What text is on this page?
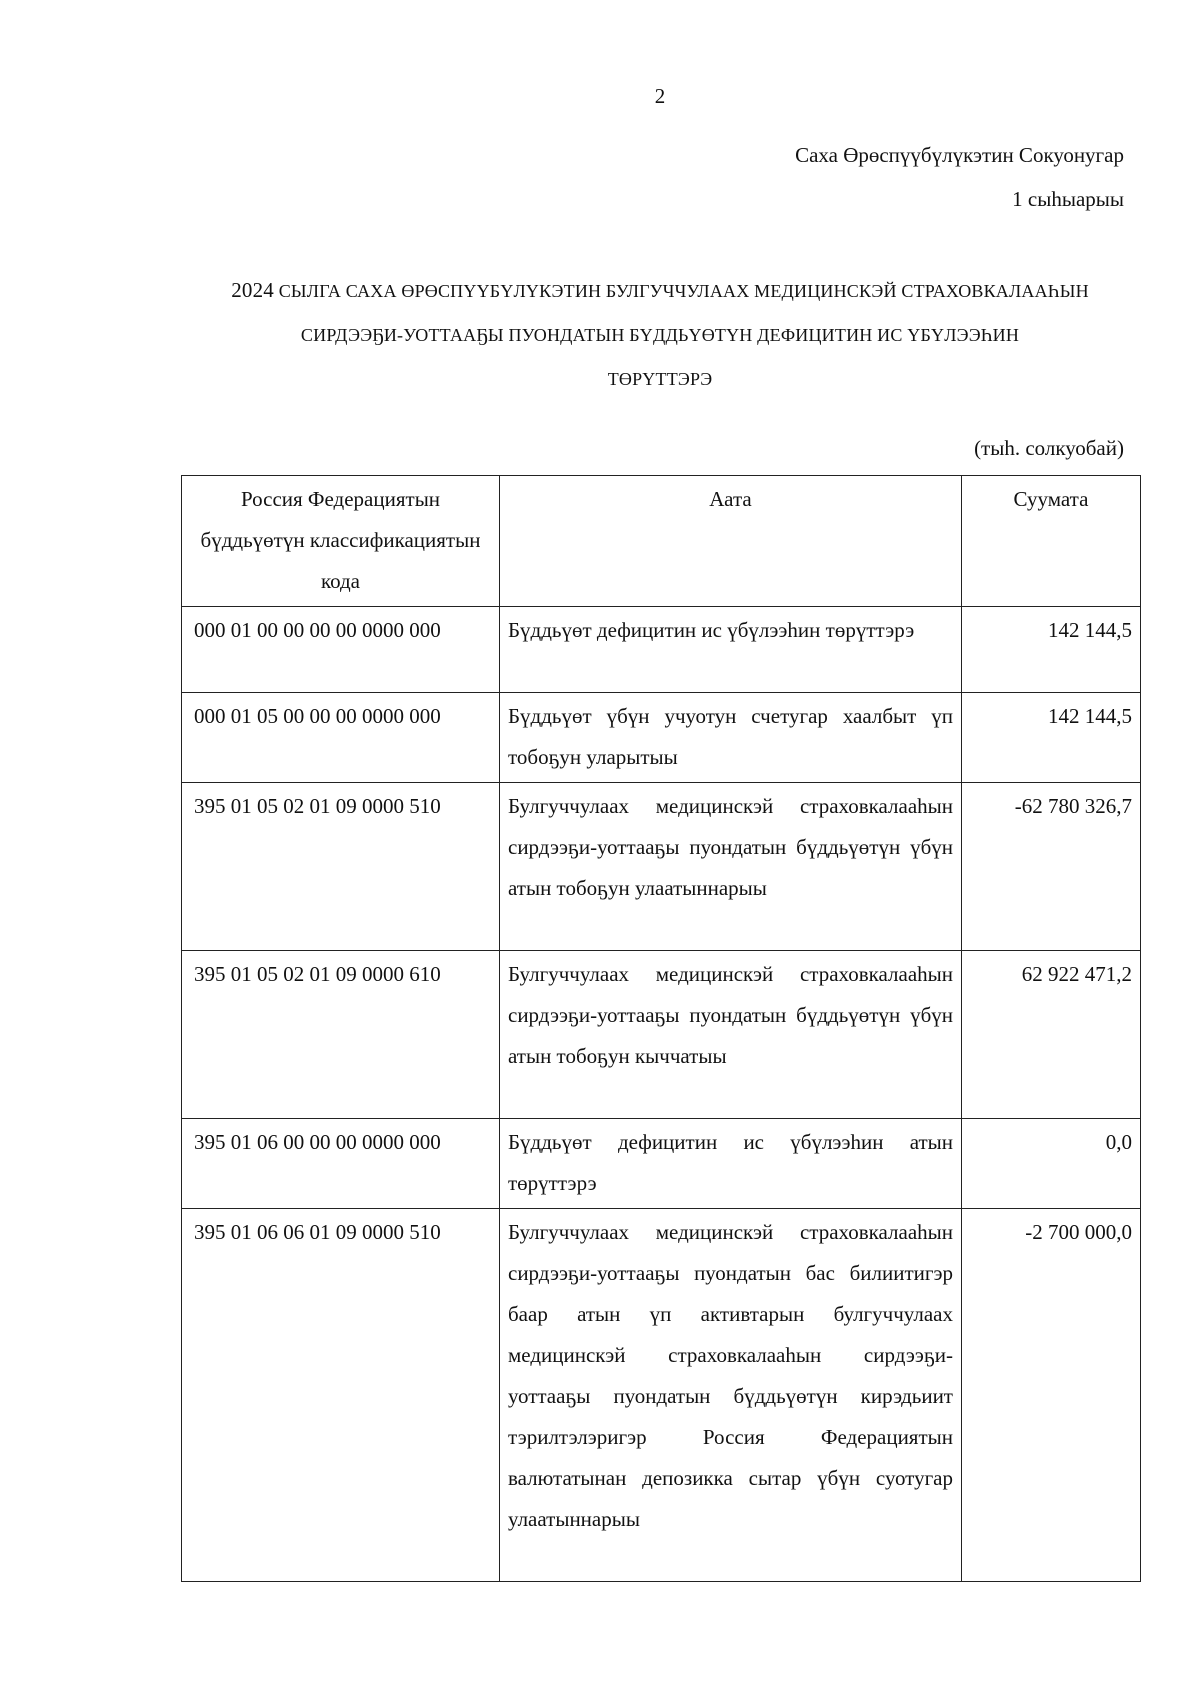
2
Саха Өрөспүүбүлүкэтин Сокуонугар
1 сыһыарыы
2024 СЫЛГА САХА ӨРӨСПҮҮБҮЛҮКЭТИН БУЛГУЧЧУЛААХ МЕДИЦИНСКЭЙ СТРАХОВКАЛААҺЫН
СИРДЭЭҔИ-УОТТААҔЫ ПУОНДАТЫН БҮДДЬҮӨТҮН ДЕФИЦИТИН ИС ҮБҮЛЭЭҺИН
ТӨРҮТТЭРЭ
(тыһ. солкуобай)
Россия Федерациятын бүддьүөтүн классификациятын кода	Аата	Суумата
000 01 00 00 00 00 0000 000	Бүддьүөт дефицитин ис үбүлээһин төрүттэрэ	142 144,5
000 01 05 00 00 00 0000 000	Бүддьүөт үбүн учуотун счетугар хаалбыт үп тобоҕун уларытыы	142 144,5
395 01 05 02 01 09 0000 510	Булгуччулаах медицинскэй страховкалааһын сирдээҕи-уоттааҕы пуондатын бүддьүөтүн үбүн атын тобоҕун улаатыннарыы	-62 780 326,7
395 01 05 02 01 09 0000 610	Булгуччулаах медицинскэй страховкалааһын сирдээҕи-уоттааҕы пуондатын бүддьүөтүн үбүн атын тобоҕун кыччатыы	62 922 471,2
395 01 06 00 00 00 0000 000	Бүддьүөт дефицитин ис үбүлээһин атын төрүттэрэ	0,0
395 01 06 06 01 09 0000 510	Булгуччулаах медицинскэй страховкалааһын сирдээҕи-уоттааҕы пуондатын бас билиитигэр баар атын үп активтарын булгуччулаах медицинскэй страховкалааһын сирдээҕи-уоттааҕы пуондатын бүддьүөтүн кирэдьиит тэрилтэлэригэр Россия Федерациятын валютатынан депозикка сытар үбүн суотугар улаатыннарыы	-2 700 000,0
